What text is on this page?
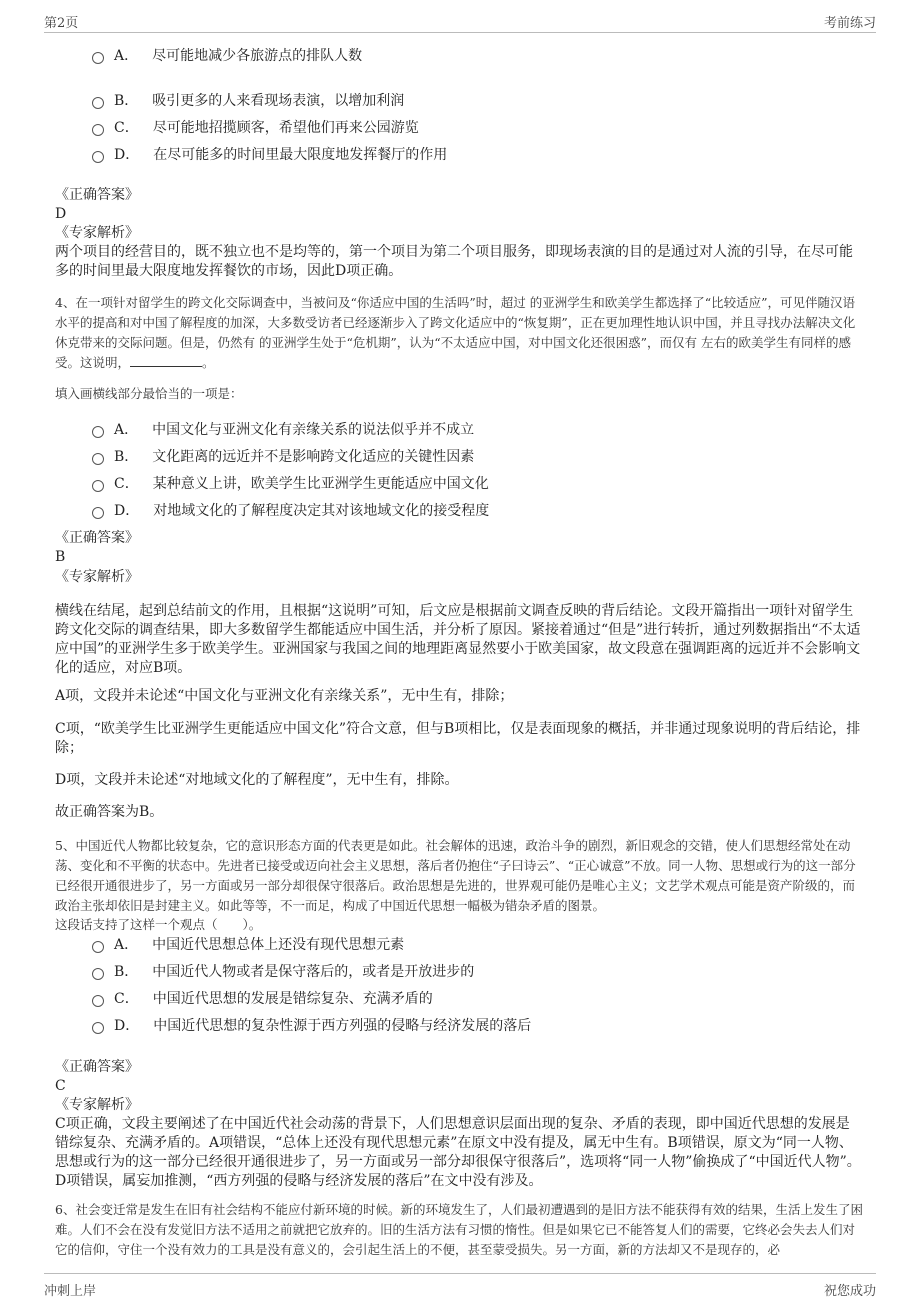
第2页	考前练习
A． 尽可能地减少各旅游点的排队人数
B． 吸引更多的人来看现场表演，以增加利润
C． 尽可能地招揽顾客，希望他们再来公园游览
D． 在尽可能多的时间里最大限度地发挥餐厅的作用
《正确答案》
D
《专家解析》
两个项目的经营目的，既不独立也不是均等的，第一个项目为第二个项目服务，即现场表演的目的是通过对人流的引导，在尽可能多的时间里最大限度地发挥餐饮的市场，因此D项正确。
4、在一项针对留学生的跨文化交际调查中，当被问及“你适应中国的生活吗”时，超过 的亚洲学生和欧美学生都选择了“比较适应”，可见伴随汉语水平的提高和对中国了解程度的加深，大多数受访者已经逐渐步入了跨文化适应中的“恢复期”，正在更加理性地认识中国，并且寻找办法解决文化休克带来的交际问题。但是，仍然有 的亚洲学生处于“危机期”，认为“不太适应中国，对中国文化还很困惑”，而仅有 左右的欧美学生有同样的感受。这说明，	。
填入画横线部分最恰当的一项是：
A． 中国文化与亚洲文化有亲缘关系的说法似乎并不成立
B． 文化距离的远近并不是影响跨文化适应的关键性因素
C． 某种意义上讲，欧美学生比亚洲学生更能适应中国文化
D． 对地域文化的了解程度决定其对该地域文化的接受程度
《正确答案》
B
《专家解析》
横线在结尾，起到总结前文的作用，且根据“这说明”可知，后文应是根据前文调查反映的背后结论。文段开篇指出一项针对留学生跨文化交际的调查结果，即大多数留学生都能适应中国生活，并分析了原因。紧接着通过“但是”进行转折，通过列数据指出“不太适应中国”的亚洲学生多于欧美学生。亚洲国家与我国之间的地理距离显然要小于欧美国家，故文段意在强调距离的远近并不会影响文化的适应，对应B项。
A项，文段并未论述“中国文化与亚洲文化有亲缘关系”，无中生有，排除；
C项，“欧美学生比亚洲学生更能适应中国文化”符合文意，但与B项相比，仅是表面现象的概括，并非通过现象说明的背后结论，排除；
D项，文段并未论述“对地域文化的了解程度”，无中生有，排除。
故正确答案为B。
5、中国近代人物都比较复杂，它的意识形态方面的代表更是如此。社会解体的迅速，政治斗争的剧烈，新旧观念的交错，使人们思想经常处在动荡、变化和不平衡的状态中。先进者已接受或迈向社会主义思想，落后者仍抱住“子曰诗云”、“正心诚意”不放。同一人物、思想或行为的这一部分已经很开通很进步了，另一方面或另一部分却很保守很落后。政治思想是先进的，世界观可能仍是唯心主义；文艺学术观点可能是资产阶级的，而政治主张却依旧是封建主义。如此等等，不一而足，构成了中国近代思想一幅极为错杂矛盾的图景。
这段话支持了这样一个观点（　　）。
A． 中国近代思想总体上还没有现代思想元素
B． 中国近代人物或者是保守落后的，或者是开放进步的
C． 中国近代思想的发展是错综复杂、充满矛盾的
D． 中国近代思想的复杂性源于西方列强的侵略与经济发展的落后
《正确答案》
C
《专家解析》
C项正确，文段主要阐述了在中国近代社会动荡的背景下，人们思想意识层面出现的复杂、矛盾的表现，即中国近代思想的发展是错综复杂、充满矛盾的。A项错误，“总体上还没有现代思想元素”在原文中没有提及，属无中生有。B项错误，原文为“同一人物、思想或行为的这一部分已经很开通很进步了，另一方面或另一部分却很保守很落后”，选项将“同一人物”偷换成了“中国近代人物”。D项错误，属妄加推测，“西方列强的侵略与经济发展的落后”在文中没有涉及。
6、社会变迁常是发生在旧有社会结构不能应付新环境的时候。新的环境发生了，人们最初遭遇到的是旧方法不能获得有效的结果，生活上发生了困难。人们不会在没有发觉旧方法不适用之前就把它放弃的。旧的生活方法有习惯的惰性。但是如果它已不能答复人们的需要，它终必会失去人们对它的信仰，守住一个没有效力的工具是没有意义的，会引起生活上的不便，甚至蒙受损失。另一方面，新的方法却又不是现存的，必
冲刺上岸	祝您成功
